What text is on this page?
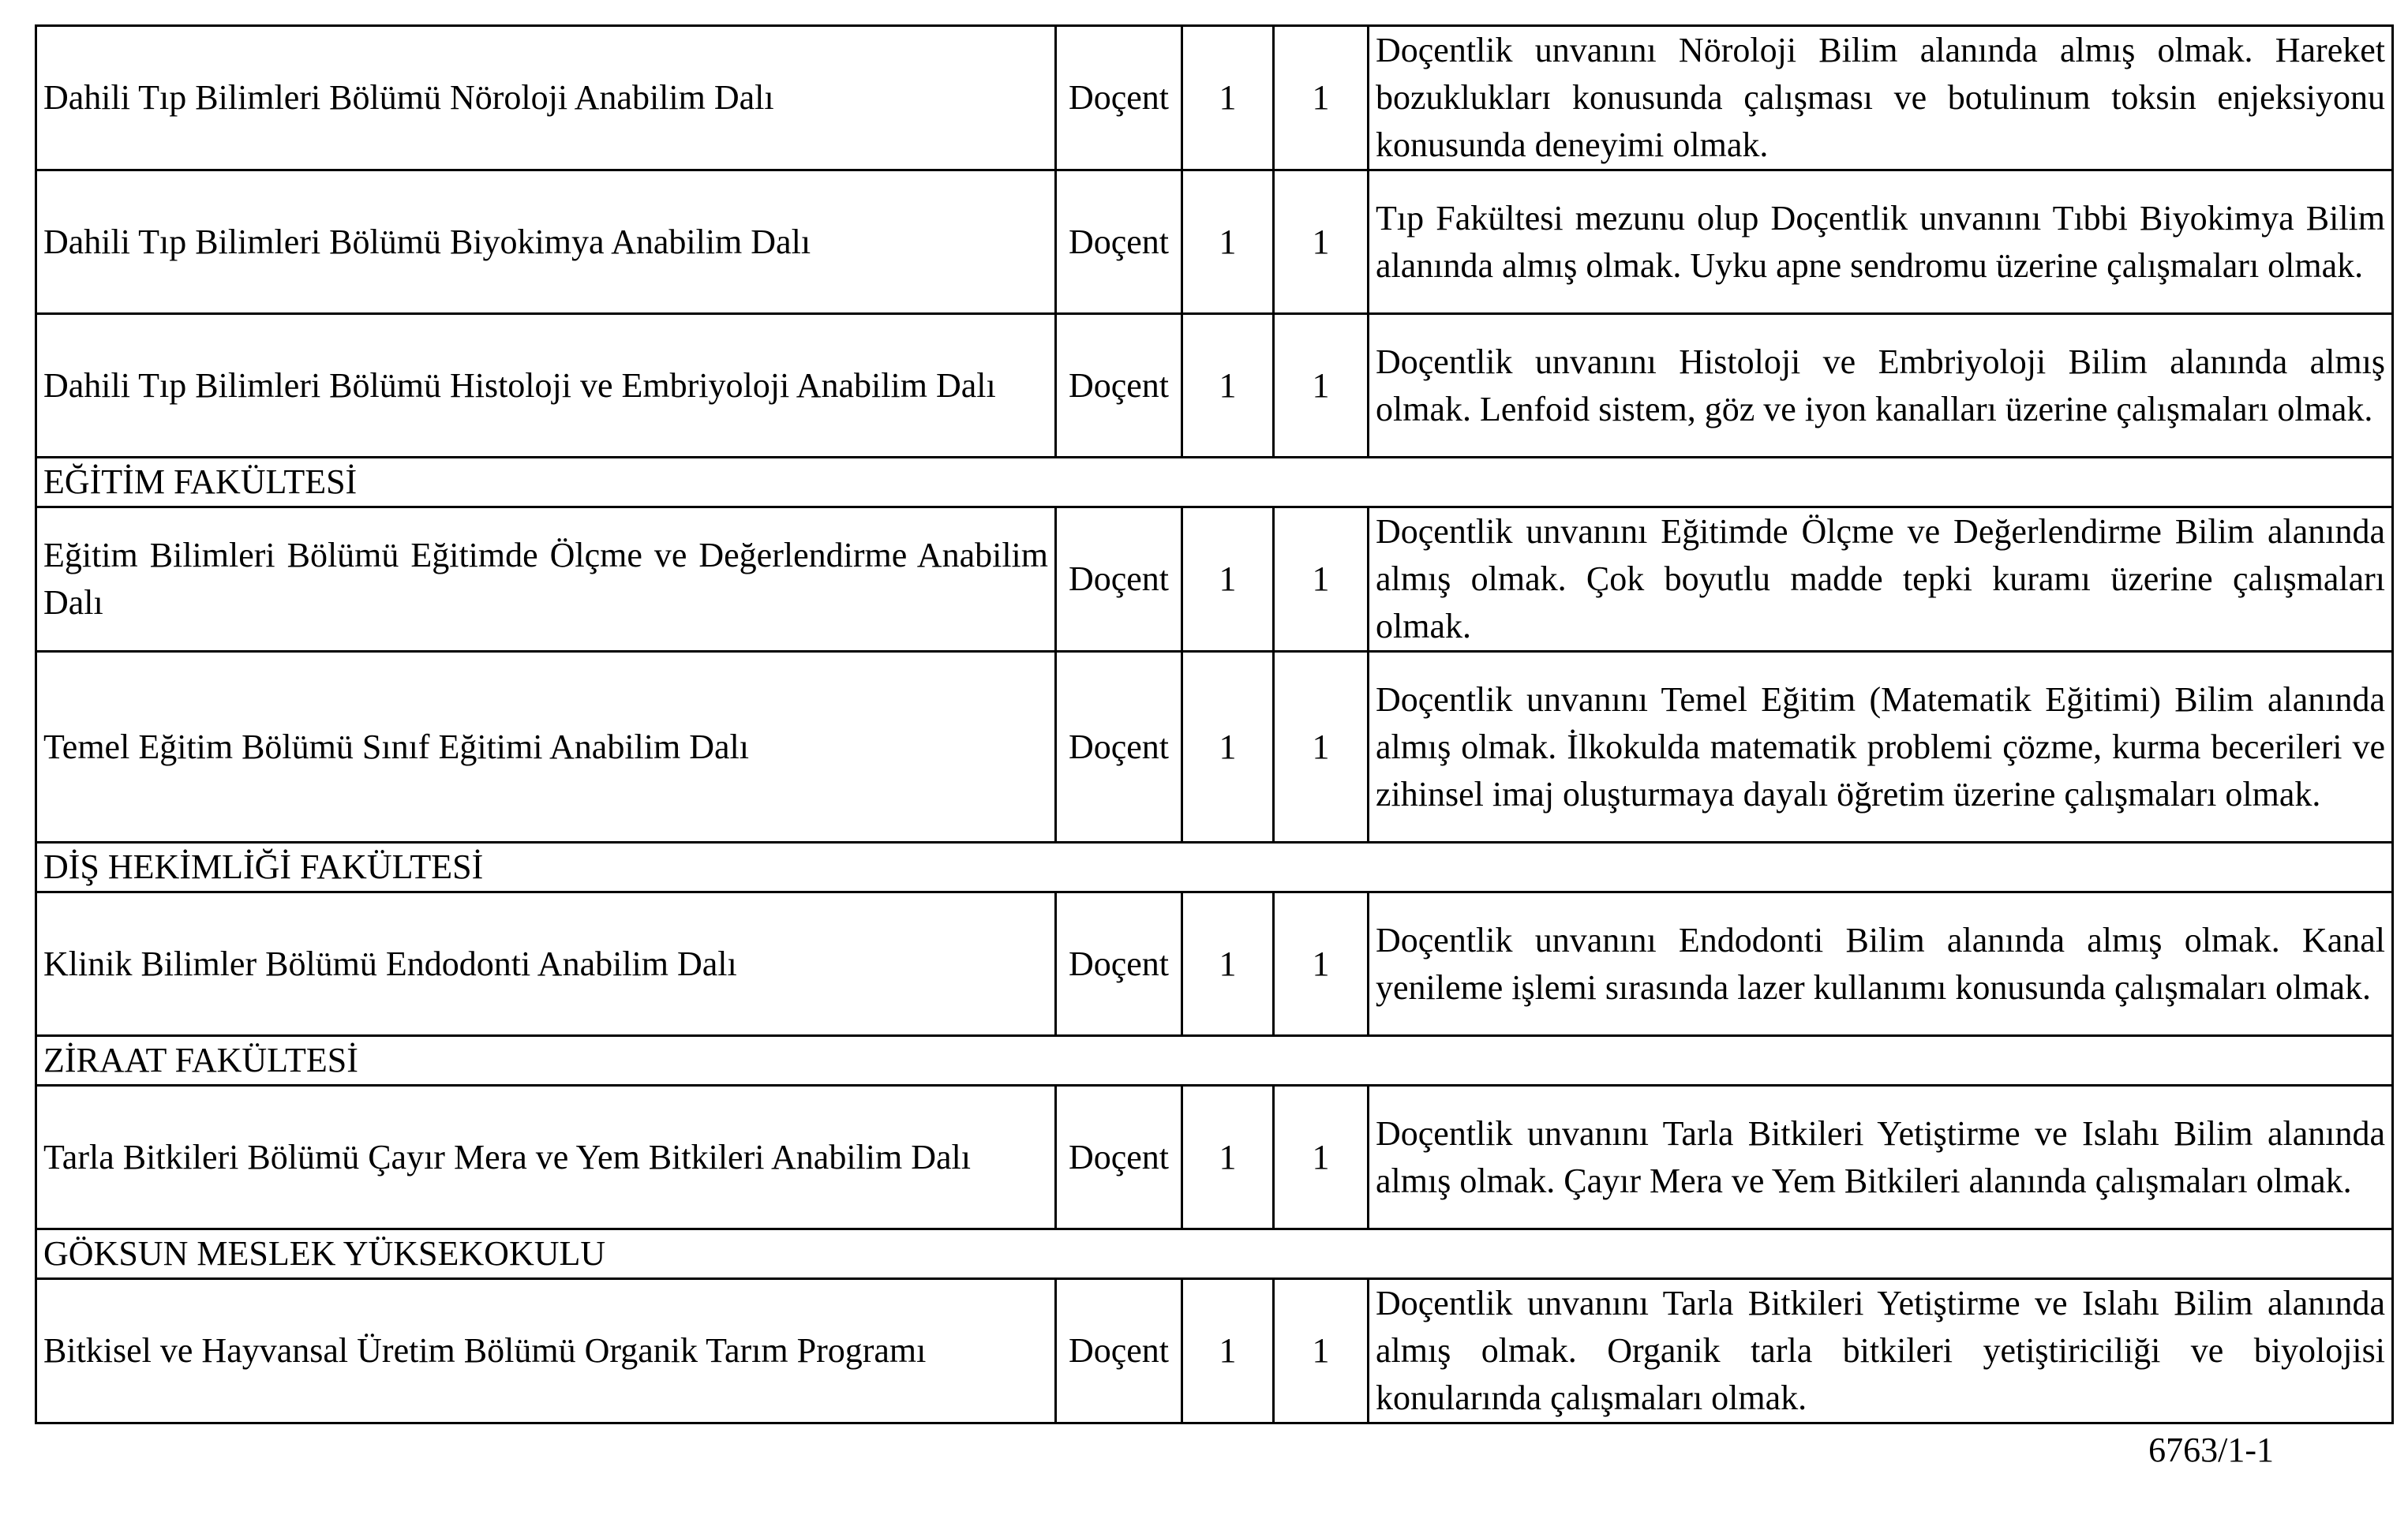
Dahili Tıp Bilimleri Bölümü Nöroloji Anabilim Dalı	Doçent	1	1	Doçentlik unvanını Nöroloji Bilim alanında almış olmak. Hareket bozukluklarɪ konusunda çalışması ve botulinum toksin enjeksiyonu konusunda deneyimi olmak.
Dahili Tıp Bilimleri Bölümü Biyokimya Anabilim Dalı	Doçent	1	1	Tıp Fakültesi mezunu olup Doçentlik unvanını Tıbbi Biyokimya Bilim alanında almış olmak. Uyku apne sendromu üzerine çalışmaları olmak.
Dahili Tıp Bilimleri Bölümü Histoloji ve Embriyoloji Anabilim Dalı	Doçent	1	1	Doçentlik unvanını Histoloji ve Embriyoloji Bilim alanında almış olmak. Lenfoid sistem, göz ve iyon kanalları üzerine çalışmaları olmak.
EĞİTİM FAKÜLTESİ				
Eğitim Bilimleri Bölümü Eğitimde Ölçme ve Değerlendirme Anabilim Dalı	Doçent	1	1	Doçentlik unvanını Eğitimde Ölçme ve Değerlendirme Bilim alanında almış olmak. Çok boyutlu madde tepki kuramı üzerine çalışmaları olmak.
Temel Eğitim Bölümü Sınıf Eğitimi Anabilim Dalı	Doçent	1	1	Doçentlik unvanını Temel Eğitim (Matematik Eğitimi) Bilim alanında almış olmak. İlkokulda matematik problemi çözme, kurma becerileri ve zihinsel imaj oluşturmaya dayalı öğretim üzerine çalışmaları olmak.
DİŞ HEKİMLİĞİ FAKÜLTESİ				
Klinik Bilimler Bölümü Endodonti Anabilim Dalı	Doçent	1	1	Doçentlik unvanını Endodonti Bilim alanında almış olmak. Kanal yenileme işlemi sırasında lazer kullanımı konusunda çalışmaları olmak.
ZİRAAT FAKÜLTESİ				
Tarla Bitkileri Bölümü Çayır Mera ve Yem Bitkileri Anabilim Dalı	Doçent	1	1	Doçentlik unvanını Tarla Bitkileri Yetiştirme ve Islahı Bilim alanında almış olmak. Çayır Mera ve Yem Bitkileri alanında çalışmaları olmak.
GÖKSUN MESLEK YÜKSEKOKULU				
Bitkisel ve Hayvansal Üretim Bölümü Organik Tarım Programı	Doçent	1	1	Doçentlik unvanını Tarla Bitkileri Yetiştirme ve Islahı Bilim alanında almış olmak. Organik tarla bitkileri yetiştiriciliği ve biyolojisi konularında çalışmaları olmak.
6763/1-1
